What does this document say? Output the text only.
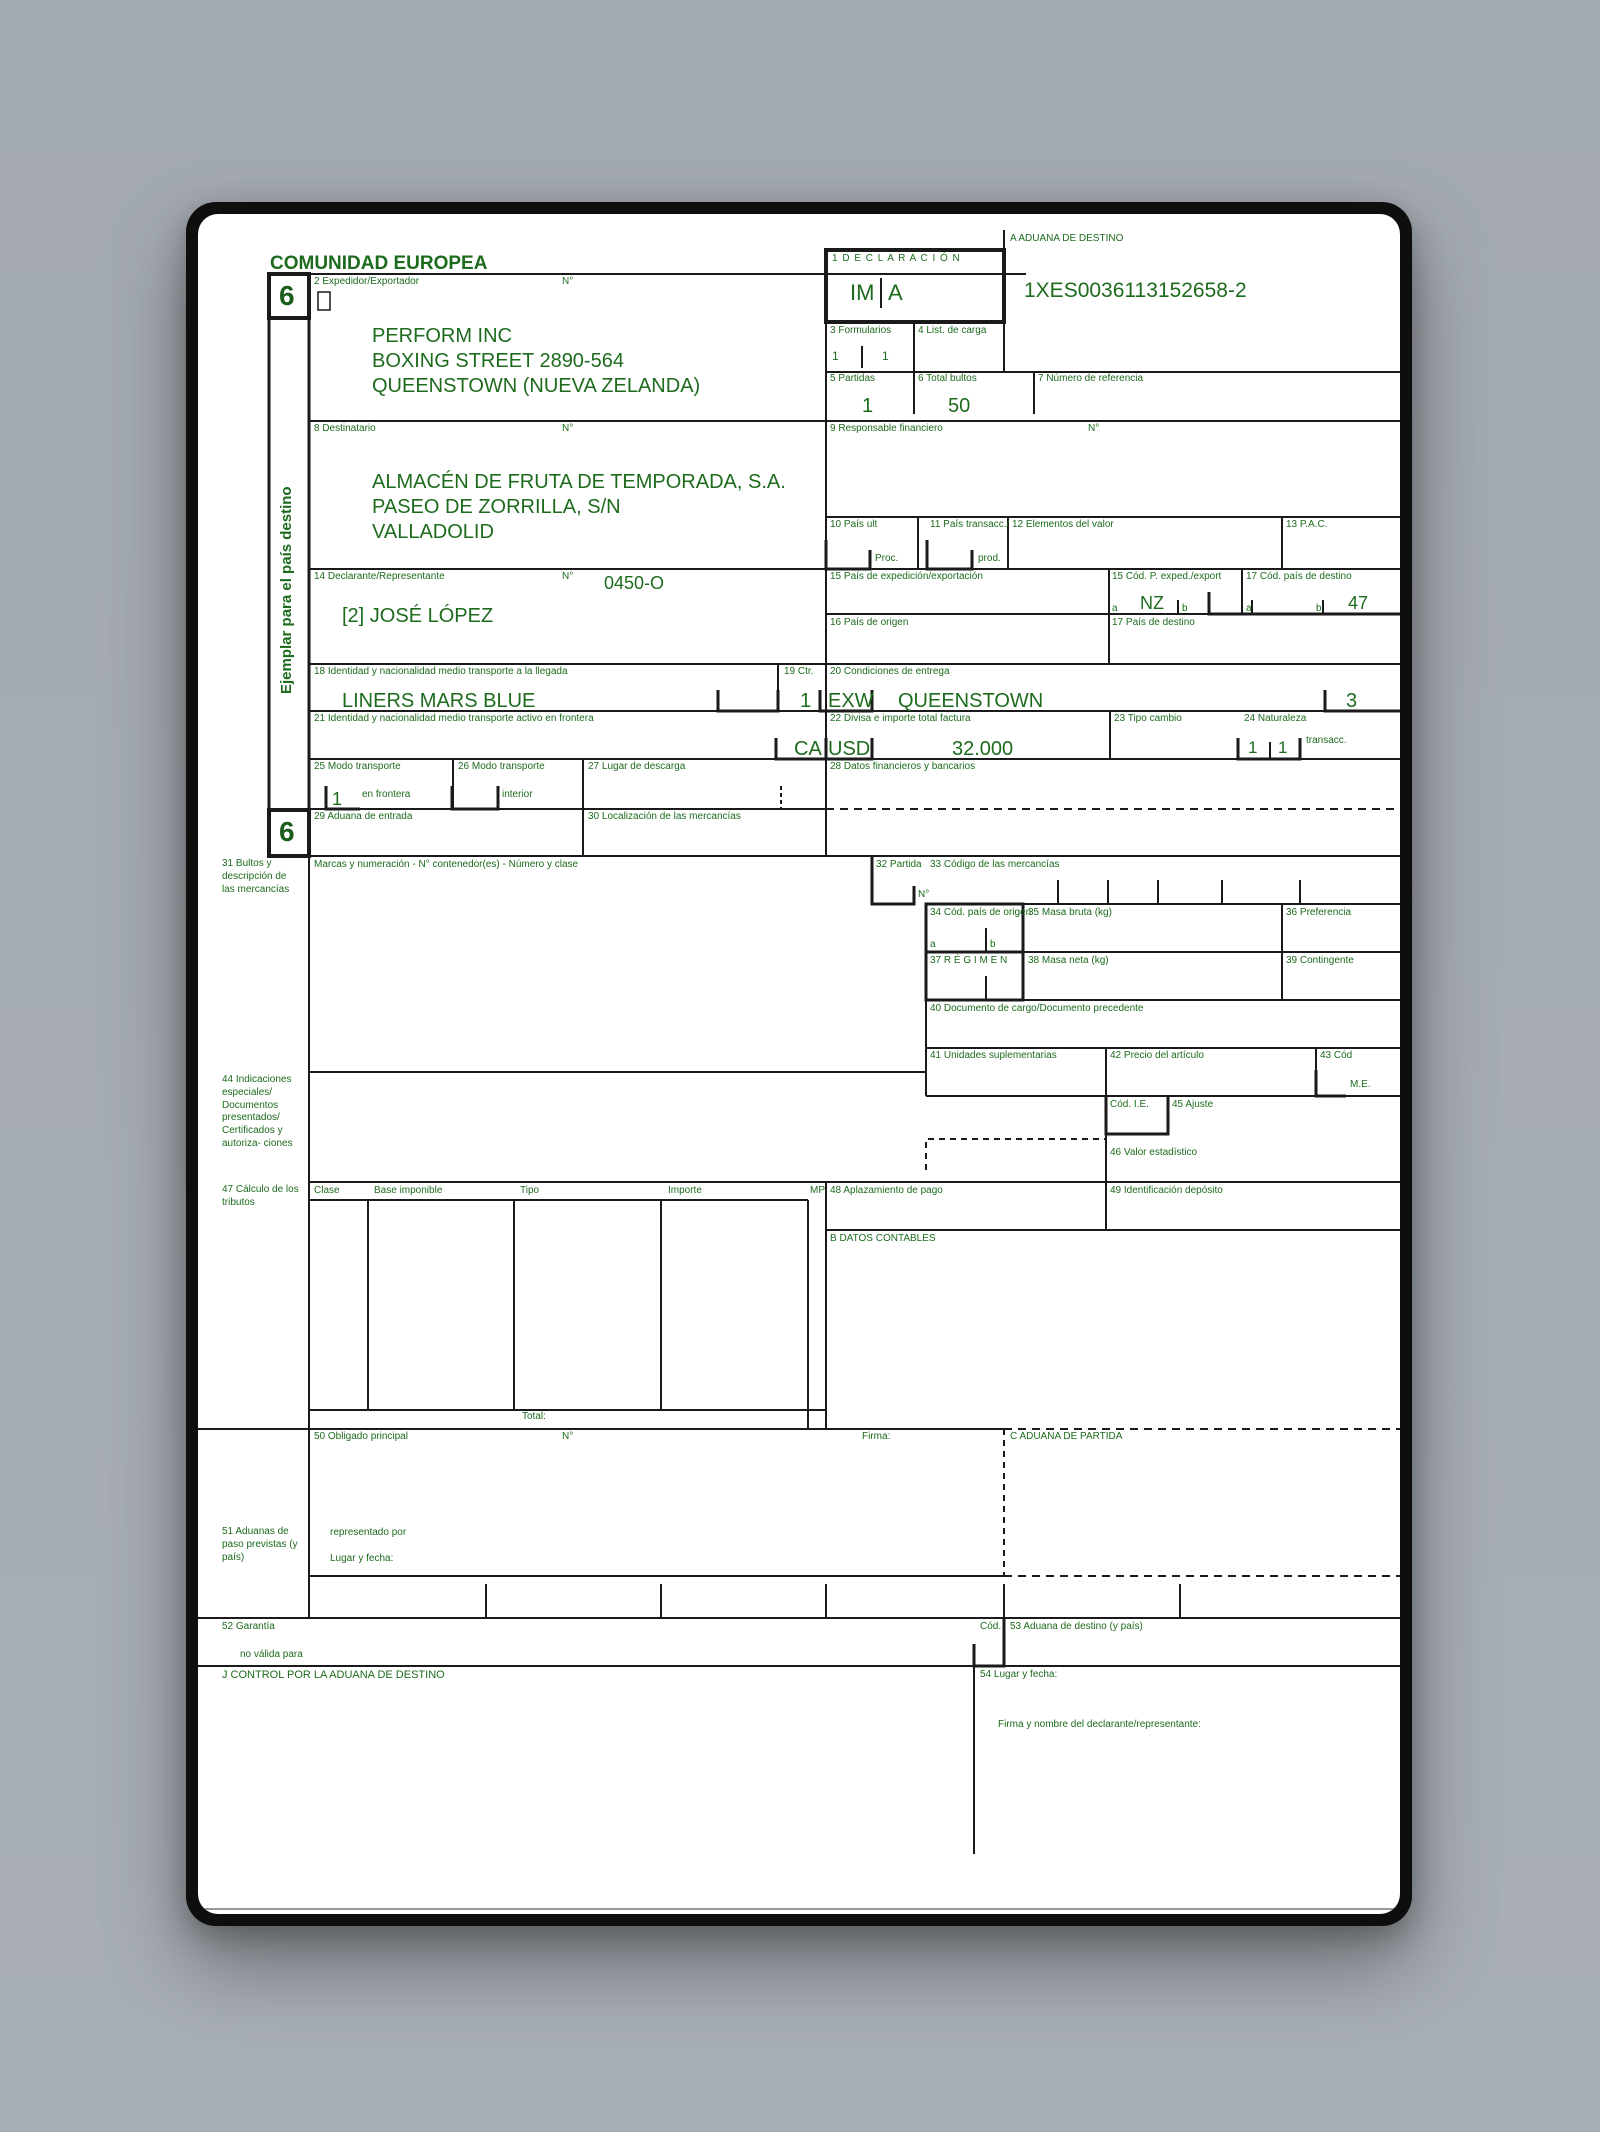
COMUNIDAD EUROPEA
6
Ejemplar para el país destino
6
1 D E C L A R A C I Ó N
IM A
A ADUANA DE DESTINO
1XES0036113152658-2
2 Expedidor/Exportador	N°
PERFORM INC
BOXING STREET 2890-564
QUEENSTOWN (NUEVA ZELANDA)
3 Formularios
1	1
4 List. de carga
5 Partidas
1
6 Total bultos
50
7 Número de referencia
8 Destinatario	N°
ALMACÉN DE FRUTA DE TEMPORADA, S.A.
PASEO DE ZORRILLA, S/N
VALLADOLID
9 Responsable financiero	N°
10 País ult
Proc.
11 País transacc./
prod.
12 Elementos del valor	13 P.A.C.
14 Declarante/Representante	N° 0450-O
[2] JOSÉ LÓPEZ
15 País de expedición/exportación	15 Cód. P. exped./export
a NZ b
17 Cód. país de destino
a	b 47
16 País de origen	17 País de destino
18 Identidad y nacionalidad medio transporte a la llegada
LINERS MARS BLUE
19 Ctr.
1
20 Condiciones de entrega
EXW QUEENSTOWN	3
21 Identidad y nacionalidad medio transporte activo en frontera
CA
22 Divisa e importe total factura
USD	32.000
23 Tipo cambio	24 Naturaleza
1 1 transacc.
25 Modo transporte
1 en frontera
26 Modo transporte
interior
27 Lugar de descarga	28 Datos financieros y bancarios
29 Aduana de entrada	30 Localización de las mercancías
31 Bultos y descripción de las mercancías
Marcas y numeración - N° contenedor(es) - Número y clase	32 Partida
N°
33 Código de las mercancías
34 Cód. país de origen
a	b
35 Masa bruta (kg)	36 Preferencia
37 R É G I M E N 38 Masa neta (kg)	39 Contingente
40 Documento de cargo/Documento precedente
41 Unidades suplementarias	42 Precio del artículo	43 Cód
M.E.
44 Indicaciones especiales/ Documentos presentados/ Certificados y autoriza- ciones
Cód. I.E. 45 Ajuste
46 Valor estadístico
47 Cálculo de los tributos
Clase	Base imponible	Tipo	Importe	MP
Total:
48 Aplazamiento de pago	49 Identificación depósito
B DATOS CONTABLES
50 Obligado principal	N°	Firma:
representado por
Lugar y fecha:
C ADUANA DE PARTIDA
51 Aduanas de paso previstas (y país)
52 Garantía
no válida para
Cód. 53 Aduana de destino (y país)
J CONTROL POR LA ADUANA DE DESTINO	54 Lugar y fecha:
Firma y nombre del declarante/representante:
